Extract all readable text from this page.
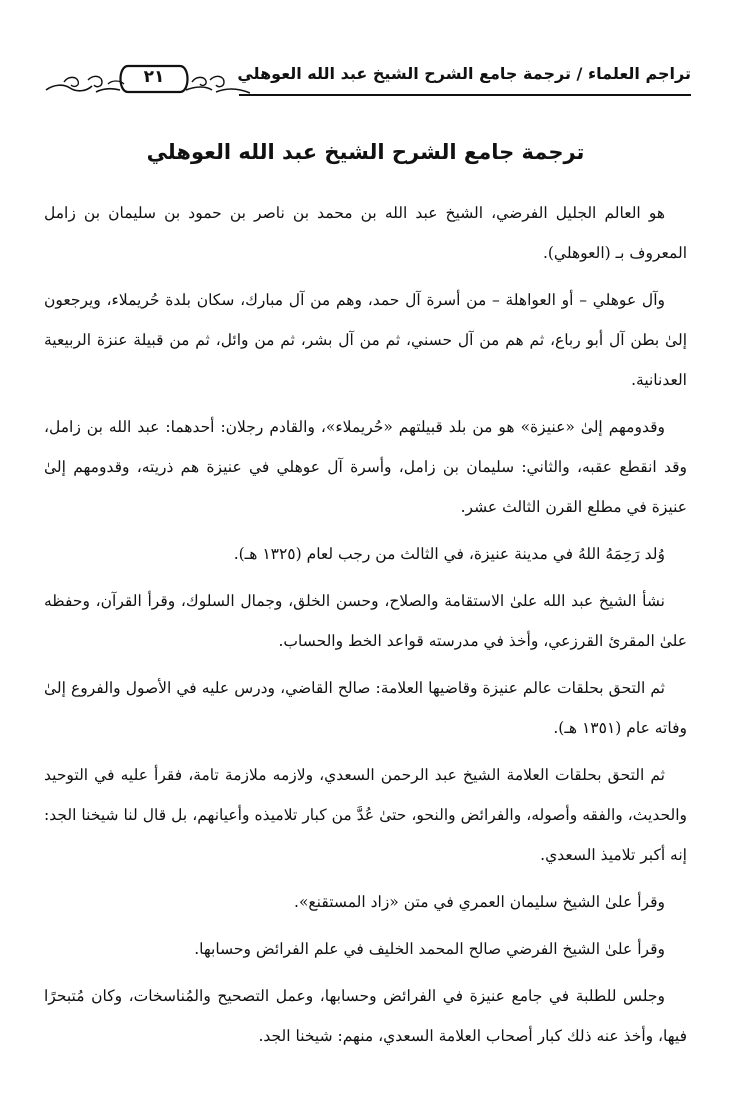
تراجم العلماء / ترجمة جامع الشرح الشيخ عبد الله العوهلي
٢١
ترجمة جامع الشرح الشيخ عبد الله العوهلي

هو العالم الجليل الفرضي، الشيخ عبد الله بن محمد بن ناصر بن حمود بن سليمان بن زامل المعروف بـ (العوهلي).

وآل عوهلي – أو العواهلة – من أسرة آل حمد، وهم من آل مبارك، سكان بلدة حُريملاء، ويرجعون إلىٰ بطن آل أبو رباع، ثم هم من آل حسني، ثم من آل بشر، ثم من وائل، ثم من قبيلة عنزة الربيعية العدنانية.

وقدومهم إلىٰ «عنيزة» هو من بلد قبيلتهم «حُريملاء»، والقادم رجلان: أحدهما: عبد الله بن زامل، وقد انقطع عقبه، والثاني: سليمان بن زامل، وأسرة آل عوهلي في عنيزة هم ذريته، وقدومهم إلىٰ عنيزة في مطلع القرن الثالث عشر.

وُلد رَحِمَهُ اللهُ في مدينة عنيزة، في الثالث من رجب لعام (١٣٢٥ هـ).

نشأ الشيخ عبد الله علىٰ الاستقامة والصلاح، وحسن الخلق، وجمال السلوك، وقرأ القرآن، وحفظه علىٰ المقرئ القرزعي، وأخذ في مدرسته قواعد الخط والحساب.

ثم التحق بحلقات عالم عنيزة وقاضيها العلامة: صالح القاضي، ودرس عليه في الأصول والفروع إلىٰ وفاته عام (١٣٥١ هـ).

ثم التحق بحلقات العلامة الشيخ عبد الرحمن السعدي، ولازمه ملازمة تامة، فقرأ عليه في التوحيد والحديث، والفقه وأصوله، والفرائض والنحو، حتىٰ عُدَّ من كبار تلاميذه وأعيانهم، بل قال لنا شيخنا الجد: إنه أكبر تلاميذ السعدي.

وقرأ علىٰ الشيخ سليمان العمري في متن «زاد المستقنع».

وقرأ علىٰ الشيخ الفرضي صالح المحمد الخليف في علم الفرائض وحسابها.

وجلس للطلبة في جامع عنيزة في الفرائض وحسابها، وعمل التصحيح والمُناسخات، وكان مُتبحرًا فيها، وأخذ عنه ذلك كبار أصحاب العلامة السعدي، منهم: شيخنا الجد.
